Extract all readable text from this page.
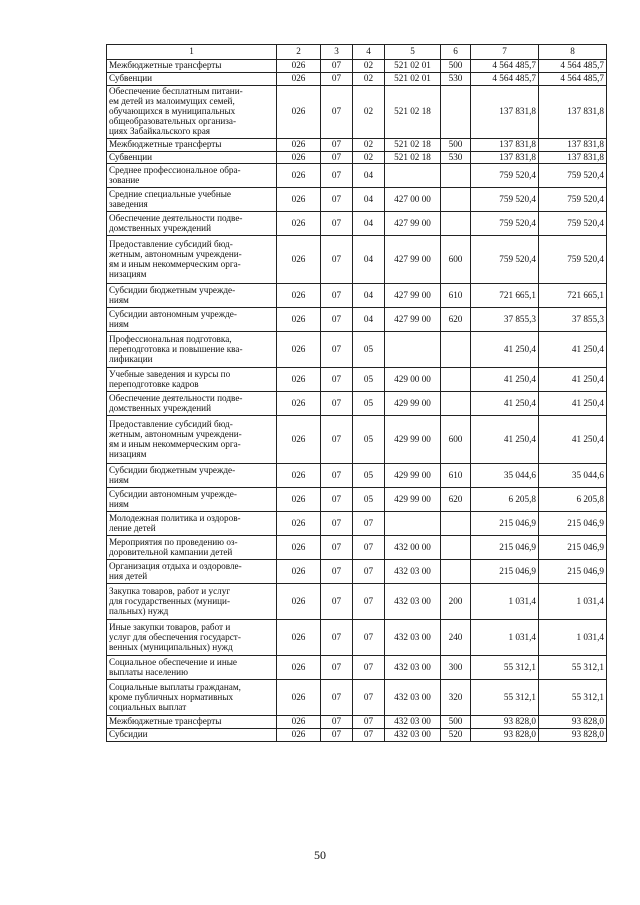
1	2	3	4	5	6	7	8
Межбюджетные трансферты	026	07	02	521 02 01	500	4 564 485,7	4 564 485,7
Субвенции	026	07	02	521 02 01	530	4 564 485,7	4 564 485,7
Обеспечение бесплатным питани-
ем детей из малоимущих семей,
обучающихся в муниципальных
общеобразовательных организа-
циях Забайкальского края	026	07	02	521 02 18		137 831,8	137 831,8
Межбюджетные трансферты	026	07	02	521 02 18	500	137 831,8	137 831,8
Субвенции	026	07	02	521 02 18	530	137 831,8	137 831,8
Среднее профессиональное обра-
зование	026	07	04			759 520,4	759 520,4
Средние специальные учебные
заведения	026	07	04	427 00 00		759 520,4	759 520,4
Обеспечение деятельности подве-
домственных учреждений	026	07	04	427 99 00		759 520,4	759 520,4
Предоставление субсидий бюд-
жетным, автономным учреждени-
ям и иным некоммерческим орга-
низациям	026	07	04	427 99 00	600	759 520,4	759 520,4
Субсидии бюджетным учрежде-
ниям	026	07	04	427 99 00	610	721 665,1	721 665,1
Субсидии автономным учрежде-
ниям	026	07	04	427 99 00	620	37 855,3	37 855,3
Профессиональная подготовка,
переподготовка и повышение ква-
лификации	026	07	05			41 250,4	41 250,4
Учебные заведения и курсы по
переподготовке кадров	026	07	05	429 00 00		41 250,4	41 250,4
Обеспечение деятельности подве-
домственных учреждений	026	07	05	429 99 00		41 250,4	41 250,4
Предоставление субсидий бюд-
жетным, автономным учреждени-
ям и иным некоммерческим орга-
низациям	026	07	05	429 99 00	600	41 250,4	41 250,4
Субсидии бюджетным учрежде-
ниям	026	07	05	429 99 00	610	35 044,6	35 044,6
Субсидии автономным учрежде-
ниям	026	07	05	429 99 00	620	6 205,8	6 205,8
Молодежная политика и оздоров-
ление детей	026	07	07			215 046,9	215 046,9
Мероприятия по проведению оз-
доровительной кампании детей	026	07	07	432 00 00		215 046,9	215 046,9
Организация отдыха и оздоровле-
ния детей	026	07	07	432 03 00		215 046,9	215 046,9
Закупка товаров, работ и услуг
для государственных (муници-
пальных) нужд	026	07	07	432 03 00	200	1 031,4	1 031,4
Иные закупки товаров, работ и
услуг для обеспечения государст-
венных (муниципальных) нужд	026	07	07	432 03 00	240	1 031,4	1 031,4
Социальное обеспечение и иные
выплаты населению	026	07	07	432 03 00	300	55 312,1	55 312,1
Социальные выплаты гражданам,
кроме публичных нормативных
социальных выплат	026	07	07	432 03 00	320	55 312,1	55 312,1
Межбюджетные трансферты	026	07	07	432 03 00	500	93 828,0	93 828,0
Субсидии	026	07	07	432 03 00	520	93 828,0	93 828,0
50
